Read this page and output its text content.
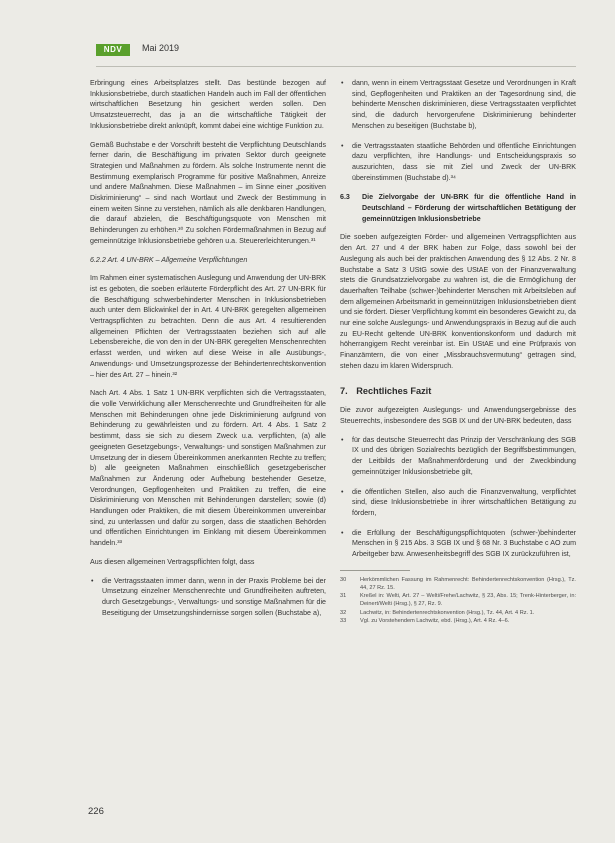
NDV	Mai 2019

Erbringung eines Arbeitsplatzes stellt. Das bestünde bezogen auf Inklusionsbetriebe, durch staatlichen Handeln auch im Fall der öffentlichen wirtschaftlichen Besetzung hin gesichert werden sollen. Den Umsatzsteuerrecht, das ja an die wirtschaftliche Tätigkeit der Inklusionsbetriebe direkt anknüpft, kommt dabei eine wichtige Funktion zu.

Gemäß Buchstabe e der Vorschrift besteht die Verpflichtung Deutschlands ferner darin, die Beschäftigung im privaten Sektor durch geeignete Strategien und Maßnahmen zu fördern. Als solche Instrumente nennt die Bestimmung exemplarisch Programme für positive Maßnahmen, Anreize und andere Maßnahmen. Diese Maßnahmen – im Sinne einer „positiven Diskriminierung“ – sind nach Wortlaut und Zweck der Bestimmung in einem weiten Sinne zu verstehen, nämlich als alle denkbaren Handlungen, die darauf abzielen, die Beschäftigungsquote von Menschen mit Behinderungen zu erhöhen.³⁰ Zu solchen Fördermaßnahmen in Bezug auf gemeinnützige Inklusionsbetriebe gehören u.a. Steuererleichterungen.³¹

6.2.2 Art. 4 UN-BRK – Allgemeine Verpflichtungen

Im Rahmen einer systematischen Auslegung und Anwendung der UN-BRK ist es geboten, die soeben erläuterte Förderpflicht des Art. 27 UN-BRK für die Beschäftigung schwerbehinderter Menschen in Inklusionsbetrieben auch unter dem Blickwinkel der in Art. 4 UN-BRK geregelten allgemeinen Vertragspflichten zu betrachten. Denn die aus Art. 4 resultierenden allgemeinen Pflichten der Vertragsstaaten beziehen sich auf alle Lebensbereiche, die von den in der UN-BRK geregelten Menschenrechten erfasst werden, und wirken auf diese Weise in alle Ausübungs-, Anwendungs- und Umsetzungsprozesse der Behindertenrechtskonvention – hier des Art. 27 – hinein.³²

Nach Art. 4 Abs. 1 Satz 1 UN-BRK verpflichten sich die Vertragsstaaten, die volle Verwirklichung aller Menschenrechte und Grundfreiheiten für alle Menschen mit Behinderungen ohne jede Diskriminierung aufgrund von Behinderung zu gewährleisten und zu fördern. Art. 4 Abs. 1 Satz 2 bestimmt, dass sie sich zu diesem Zweck u.a. verpflichten, (a) alle geeigneten Gesetzgebungs-, Verwaltungs- und sonstigen Maßnahmen zur Umsetzung der in diesem Übereinkommen anerkannten Rechte zu treffen; b) alle geeigneten Maßnahmen einschließlich gesetzgeberischer Maßnahmen zur Änderung oder Aufhebung bestehender Gesetze, Verordnungen, Gepflogenheiten und Praktiken zu treffen, die eine Diskriminierung von Menschen mit Behinderungen darstellen; sowie (d) Handlungen oder Praktiken, die mit diesem Übereinkommen unvereinbar sind, zu unterlassen und dafür zu sorgen, dass die staatlichen Behörden und öffentlichen Einrichtungen im Einklang mit diesem Übereinkommen handeln.³³

Aus diesen allgemeinen Vertragspflichten folgt, dass

• die Vertragsstaaten immer dann, wenn in der Praxis Probleme bei der Umsetzung einzelner Menschenrechte und Grundfreiheiten auftreten, durch Gesetzgebungs-, Verwaltungs- und sonstige Maßnahmen für die Beseitigung der Umsetzungshindernisse sorgen sollen (Buchstabe a),
• dann, wenn in einem Vertragsstaat Gesetze und Verordnungen in Kraft sind, Gepflogenheiten und Praktiken an der Tagesordnung sind, die behinderte Menschen diskriminieren, diese Vertragsstaaten verpflichtet sind, die dadurch hervorgerufene Diskriminierung behinderter Menschen zu beseitigen (Buchstabe b),
• die Vertragsstaaten staatliche Behörden und öffentliche Einrichtungen dazu verpflichten, ihre Handlungs- und Entscheidungspraxis so auszurichten, dass sie mit Ziel und Zweck der UN-BRK übereinstimmen (Buchstabe d).³⁴
6.3 Die Zielvorgabe der UN-BRK für die öffentliche Hand in Deutschland – Förderung der wirtschaftlichen Betätigung der gemeinnützigen Inklusionsbetriebe

Die soeben aufgezeigten Förder- und allgemeinen Vertragspflichten aus den Art. 27 und 4 der BRK haben zur Folge, dass sowohl bei der Auslegung als auch bei der praktischen Anwendung des § 12 Abs. 2 Nr. 8 Buchstabe a Satz 3 UStG sowie des UStAE von der Finanzverwaltung stets die Grundsatzzielvorgabe zu wahren ist, die die Ermöglichung der dauerhaften Teilhabe (schwer-)behinderter Menschen mit Arbeitsleben auf dem allgemeinen Arbeitsmarkt in gemeinnützigen Inklusionsbetrieben dient und sie fördert. Dieser Verpflichtung kommt ein besonderes Gewicht zu, da nur eine solche Auslegungs- und Anwendungspraxis in Bezug auf die auch zu EU-Recht geltende UN-BRK konventionskonform und dadurch mit höherrangigem Recht vereinbar ist. Ein UStAE und eine Prüfpraxis von Finanzämtern, die von einer „Missbrauchsvermutung“ getragen sind, stehen dazu im klaren Widerspruch.

7. Rechtliches Fazit

Die zuvor aufgezeigten Auslegungs- und Anwendungsergebnisse des Steuerrechts, insbesondere des SGB IX und der UN-BRK bedeuten, dass

• für das deutsche Steuerrecht das Prinzip der Verschränkung des SGB IX und des übrigen Sozialrechts bezüglich der Begriffsbestimmungen, der Leitbilds der Maßnahmenförderung und der Zweckbindung gemeinnütziger Inklusionsbetriebe gilt,
• die öffentlichen Stellen, also auch die Finanzverwaltung, verpflichtet sind, diese Inklusionsbetriebe in ihrer wirtschaftlichen Betätigung zu fördern,
• die Erfüllung der Beschäftigungspflichtquoten (schwer-)behinderter Menschen in § 215 Abs. 3 SGB IX und § 68 Nr. 3 Buchstabe c AO zum Arbeitgeber bzw. Anwesenheitsbegriff des SGB IX zurückzuführen ist,
30 Herkömmlichen Fassung im Rahmenrecht: Behindertenrechtskonvention (Hrsg.), Tz. 44, 27 Rz. 15.
31 Kreßel in: Welti, Art. 27 – Welti/Frehe/Lachwitz, § 23, Abs. 15; Trenk-Hinterberger, in: Deinert/Welti (Hrsg.), § 27, Rz. 9.
32 Lachwitz, in: Behindertenrechtskonvention (Hrsg.), Tz. 44, Art. 4 Rz. 1.
33 Vgl. zu Vorstehendem Lachwitz, ebd. (Hrsg.), Art. 4 Rz. 4–6.
226
